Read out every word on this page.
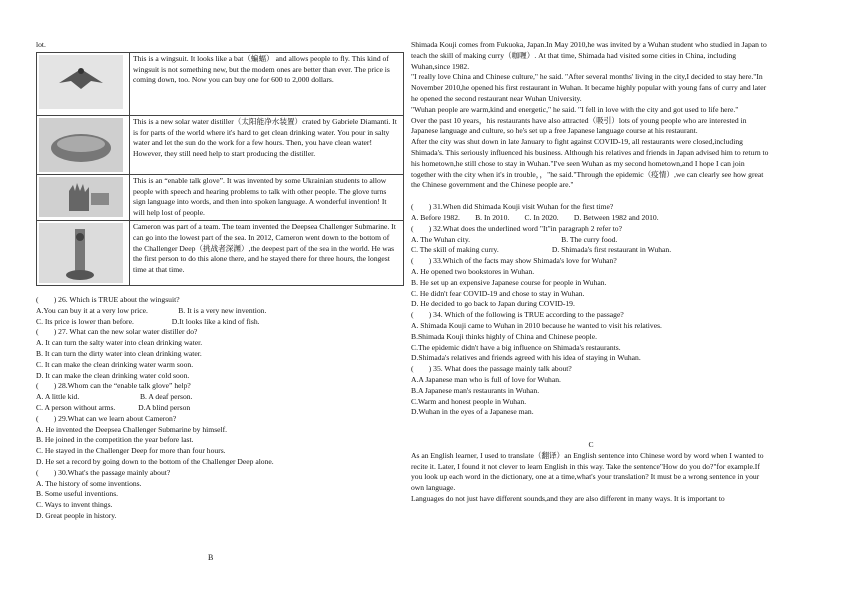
lot.

	This is a wingsuit. It looks like a bat（蝙蝠） and allows people to fly. This kind of wingsuit is not something new, but the modem ones are better than ever. The price is coming down, too. Now you can buy one for 600 to 2,000 dollars.

	This is a new solar water distiller（太阳能净水装置）crated by Gabriele Diamanti. It is for parts of the world where it's hard to get clean drinking water. You pour in salty water and let the sun do the work for a few hours. Then, you have clean water! However, they still need help to start producing the distiller.

	This is an “enable talk glove”. It was invented by some Ukrainian students to allow people with speech and hearing problems to talk with other people. The glove turns sign language into words, and then into spoken language. A wonderful invention! It will help lost of people.

	Cameron was part of a team. The team invented the Deepsea Challenger Submarine. It can go into the lowest part of the sea. In 2012, Cameron went down to the bottom of the Challenger Deep（挑战者深渊）,the deepest part of the sea in the world. He was the first person to do this alone there, and he stayed there for three hours, the longest time at that time.

(　　) 26. Which is TRUE about the wingsuit?

A.You can buy it at a very low price.　　　　B. It is a very new invention.

C. Its price is lower than before.　　　　　D.It looks like a kind of fish.

(　　) 27. What can the new solar water distiller do?

A. It can turn the salty water into clean drinking water.

B. It can turn the dirty water into clean drinking water.

C. It can make the clean drinking water warm soon.

D. It can make the clean drinking water cold soon.

(　　) 28.Whom can the “enable talk glove” help?

A. A little kid.　　　　　　　　B. A deaf person.

C. A person without arms.　　　D.A blind person

(　　) 29.What can we learn about Cameron?

A. He invented the Deepsea Challenger Submarine by himself.

B. He joined in the competition the year before last.

C. He stayed in the Challenger Deep for more than four hours.

D. He set a record by going down to the bottom of the Challenger Deep alone.

(　　) 30.What's the passage mainly about?

A. The history of some inventions.

B. Some useful inventions.

C. Ways to invent things.

D. Great people in history.

B

Shimada Kouji comes from Fukuoka, Japan.In May 2010,he was invited by a Wuhan student who studied in Japan to teach the skill of making curry（咖喱）. At that time, Shimada had visited some cities in China, including Wuhan,since 1982.

"I really love China and Chinese culture," he said. "After several months' living in the city,I decided to stay here."In November 2010,he opened his first restaurant in Wuhan. It became highly popular with young fans of curry and later he opened the second restaurant near Wuhan University.

"Wuhan people are warm,kind and energetic," he said. "I fell in love with the city and got used to life here."

Over the past 10 years，his restaurants have also attracted（吸引）lots of young people who are interested in Japanese language and culture, so he's set up a free Japanese language course at his restaurant.

After the city was shut down in late January to fight against COVID-19, all restaurants were closed,including Shimada's. This seriously influenced his business. Although his relatives and friends in Japan advised him to return to his hometown,he still chose to stay in Wuhan."I've seen Wuhan as my second hometown,and I hope I can join together with the city when it's in trouble，，"he said."Through the epidemic（疫情）,we can clearly see how great the Chinese government and the Chinese people are."

(　　) 31.When did Shimada Kouji visit Wuhan for the first time?

A. Before 1982.　　B. In 2010.　　C. In 2020.　　D. Between 1982 and 2010.

(　　) 32.What does the underlined word "It"in paragraph 2 refer to?

A. The Wuhan city.　　　　　　　　　　　　B. The curry food.

C. The skill of making curry.　　　　　　　D. Shimada's first restaurant in Wuhan.

(　　) 33.Which of the facts may show Shimada's love for Wuhan?

A. He opened two bookstores in Wuhan.

B. He set up an expensive Japanese course for people in Wuhan.

C. He didn't fear COVID-19 and chose to stay in Wuhan.

D. He decided to go back to Japan during COVID-19.

(　　) 34. Which of the following is TRUE according to the passage?

A. Shimada Kouji came to Wuhan in 2010 because he wanted to visit his relatives.

B.Shimada Kouji thinks highly of China and Chinese people.

C.The epidemic didn't have a big influence on Shimada's restaurants.

D.Shimada's relatives and friends agreed with his idea of staying in Wuhan.

(　　) 35. What does the passage mainly talk about?

A.A Japanese man who is full of love for Wuhan.

B.A Japanese man's restaurants in Wuhan.

C.Warm and honest people in Wuhan.

D.Wuhan in the eyes of a Japanese man.

C

As an English learner, I used to translate（翻译）an English sentence into Chinese word by word when I wanted to recite it. Later, I found it not clever to learn English in this way. Take the sentence"How do you do?"for example.If you look up each word in the dictionary, one at a time,what's your translation? It must be a wrong sentence in your own language.

Languages do not just have different sounds,and they are also different in many ways. It is important to
